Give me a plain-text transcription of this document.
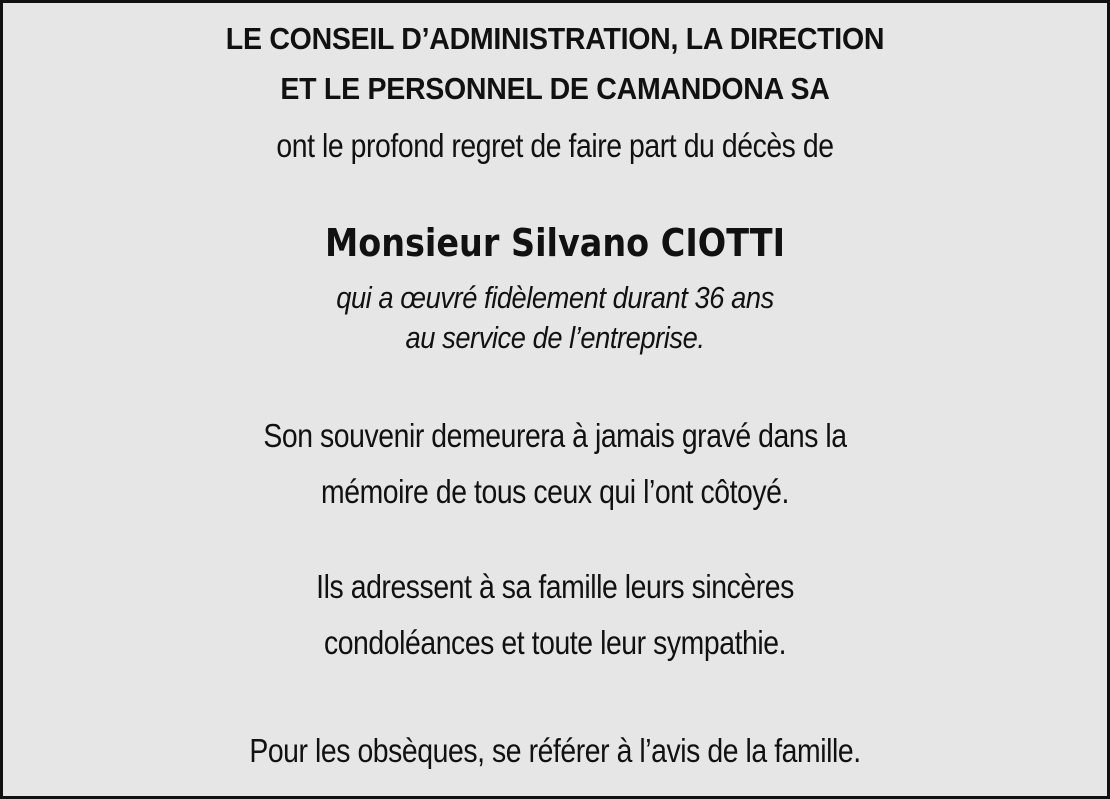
LE CONSEIL D’ADMINISTRATION, LA DIRECTION
ET LE PERSONNEL DE CAMANDONA SA
ont le profond regret de faire part du décès de
Monsieur Silvano CIOTTI
qui a œuvré fidèlement durant 36 ans
au service de l’entreprise.
Son souvenir demeurera à jamais gravé dans la
mémoire de tous ceux qui l’ont côtoyé.
Ils adressent à sa famille leurs sincères
condoléances et toute leur sympathie.
Pour les obsèques, se référer à l’avis de la famille.
